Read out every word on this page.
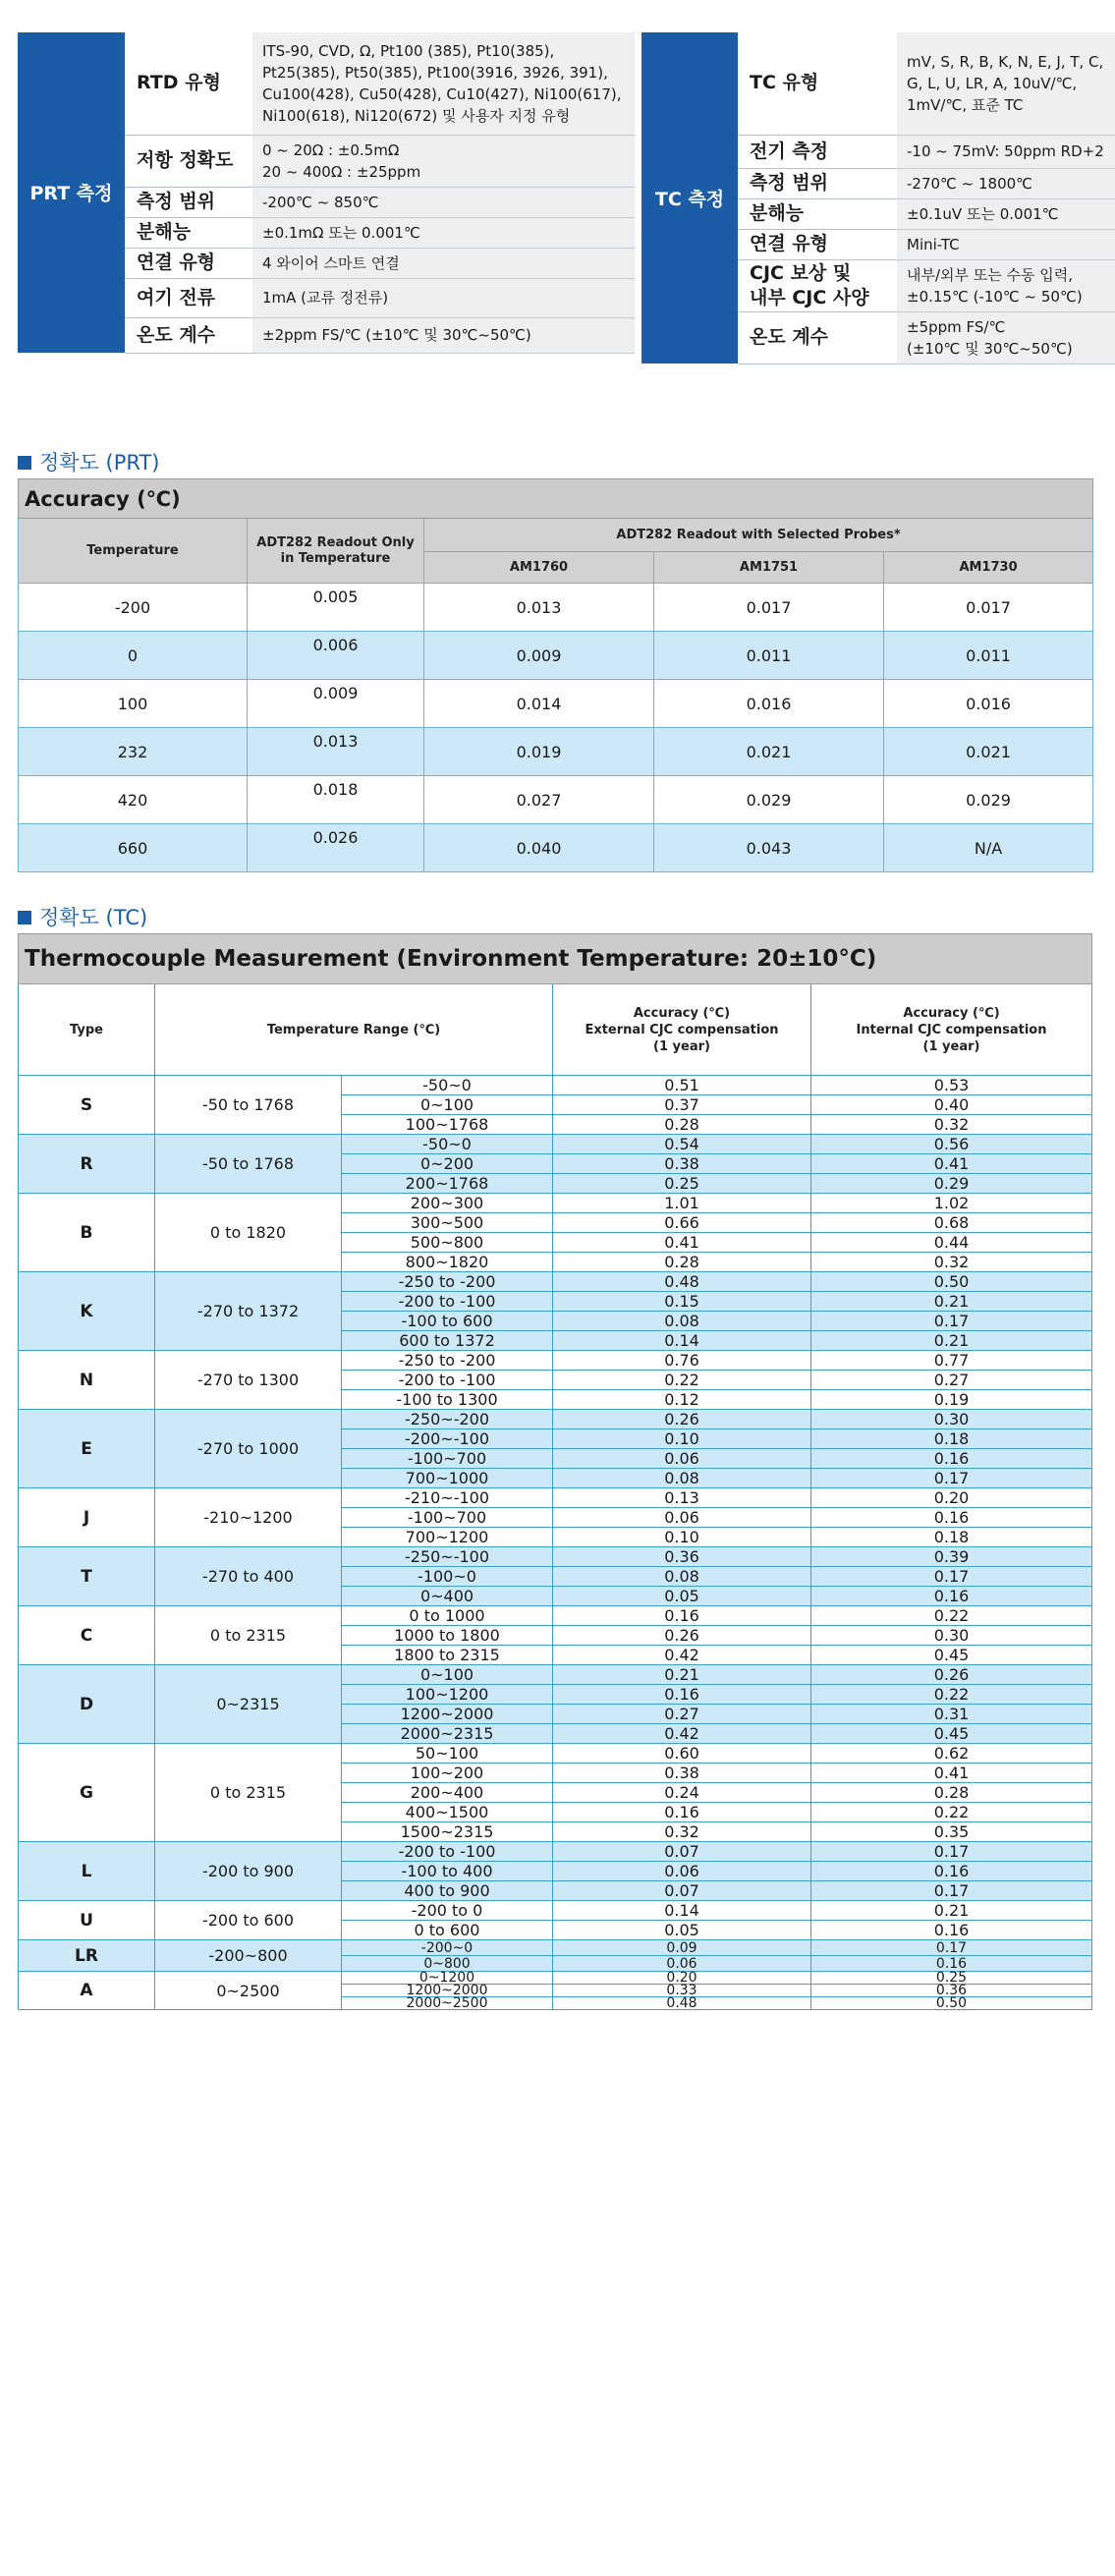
PRT 측정	RTD 유형	ITS-90, CVD, Ω, Pt100 (385), Pt10(385),
Pt25(385), Pt50(385), Pt100(3916, 3926, 391),
Cu100(428), Cu50(428), Cu10(427), Ni100(617),
Ni100(618), Ni120(672) 및 사용자 지정 유형
	저항 정확도	0 ~ 20Ω : ±0.5mΩ
20 ~ 400Ω : ±25ppm
	측정 범위	-200℃ ~ 850℃
	분해능	±0.1mΩ 또는 0.001℃
	연결 유형	4 와이어 스마트 연결
	여기 전류	1mA (교류 정전류)
	온도 계수	±2ppm FS/℃ (±10℃ 및 30℃~50℃)
TC 측정	TC 유형	mV, S, R, B, K, N, E, J, T, C,
G, L, U, LR, A, 10uV/℃,
1mV/℃, 표준 TC
	전기 측정	-10 ~ 75mV: 50ppm RD+2
	측정 범위	-270℃ ~ 1800℃
	분해능	±0.1uV 또는 0.001℃
	연결 유형	Mini-TC
	CJC 보상 및
내부 CJC 사양	내부/외부 또는 수동 입력,
±0.15℃ (-10℃ ~ 50℃)
	온도 계수	±5ppm FS/℃
(±10℃ 및 30℃~50℃)
정확도 (PRT)
Accuracy (℃)				
Temperature	ADT282 Readout Only in Temperature	ADT282 Readout with Selected Probes*		
		AM1760	AM1751	AM1730
-200	0.005	0.013	0.017	0.017
0	0.006	0.009	0.011	0.011
100	0.009	0.014	0.016	0.016
232	0.013	0.019	0.021	0.021
420	0.018	0.027	0.029	0.029
660	0.026	0.040	0.043	N/A
정확도 (TC)
Thermocouple Measurement (Environment Temperature: 20±10°C)				
Type	Temperature Range (℃)		Accuracy (℃)
External CJC compensation
(1 year)	Accuracy (℃)
Internal CJC compensation
(1 year)
S	-50 to 1768	-50~0	0.51	0.53
		0~100	0.37	0.40
		100~1768	0.28	0.32
R	-50 to 1768	-50~0	0.54	0.56
		0~200	0.38	0.41
		200~1768	0.25	0.29
B	0 to 1820	200~300	1.01	1.02
		300~500	0.66	0.68
		500~800	0.41	0.44
		800~1820	0.28	0.32
K	-270 to 1372	-250 to -200	0.48	0.50
		-200 to -100	0.15	0.21
		-100 to 600	0.08	0.17
		600 to 1372	0.14	0.21
N	-270 to 1300	-250 to -200	0.76	0.77
		-200 to -100	0.22	0.27
		-100 to 1300	0.12	0.19
E	-270 to 1000	-250~-200	0.26	0.30
		-200~-100	0.10	0.18
		-100~700	0.06	0.16
		700~1000	0.08	0.17
J	-210~1200	-210~-100	0.13	0.20
		-100~700	0.06	0.16
		700~1200	0.10	0.18
T	-270 to 400	-250~-100	0.36	0.39
		-100~0	0.08	0.17
		0~400	0.05	0.16
C	0 to 2315	0 to 1000	0.16	0.22
		1000 to 1800	0.26	0.30
		1800 to 2315	0.42	0.45
D	0~2315	0~100	0.21	0.26
		100~1200	0.16	0.22
		1200~2000	0.27	0.31
		2000~2315	0.42	0.45
G	0 to 2315	50~100	0.60	0.62
		100~200	0.38	0.41
		200~400	0.24	0.28
		400~1500	0.16	0.22
		1500~2315	0.32	0.35
L	-200 to 900	-200 to -100	0.07	0.17
		-100 to 400	0.06	0.16
		400 to 900	0.07	0.17
U	-200 to 600	-200 to 0	0.14	0.21
		0 to 600	0.05	0.16
LR	-200~800	-200~0	0.09	0.17
		0~800	0.06	0.16
A	0~2500	0~1200	0.20	0.25
		1200~2000	0.33	0.36
		2000~2500	0.48	0.50
